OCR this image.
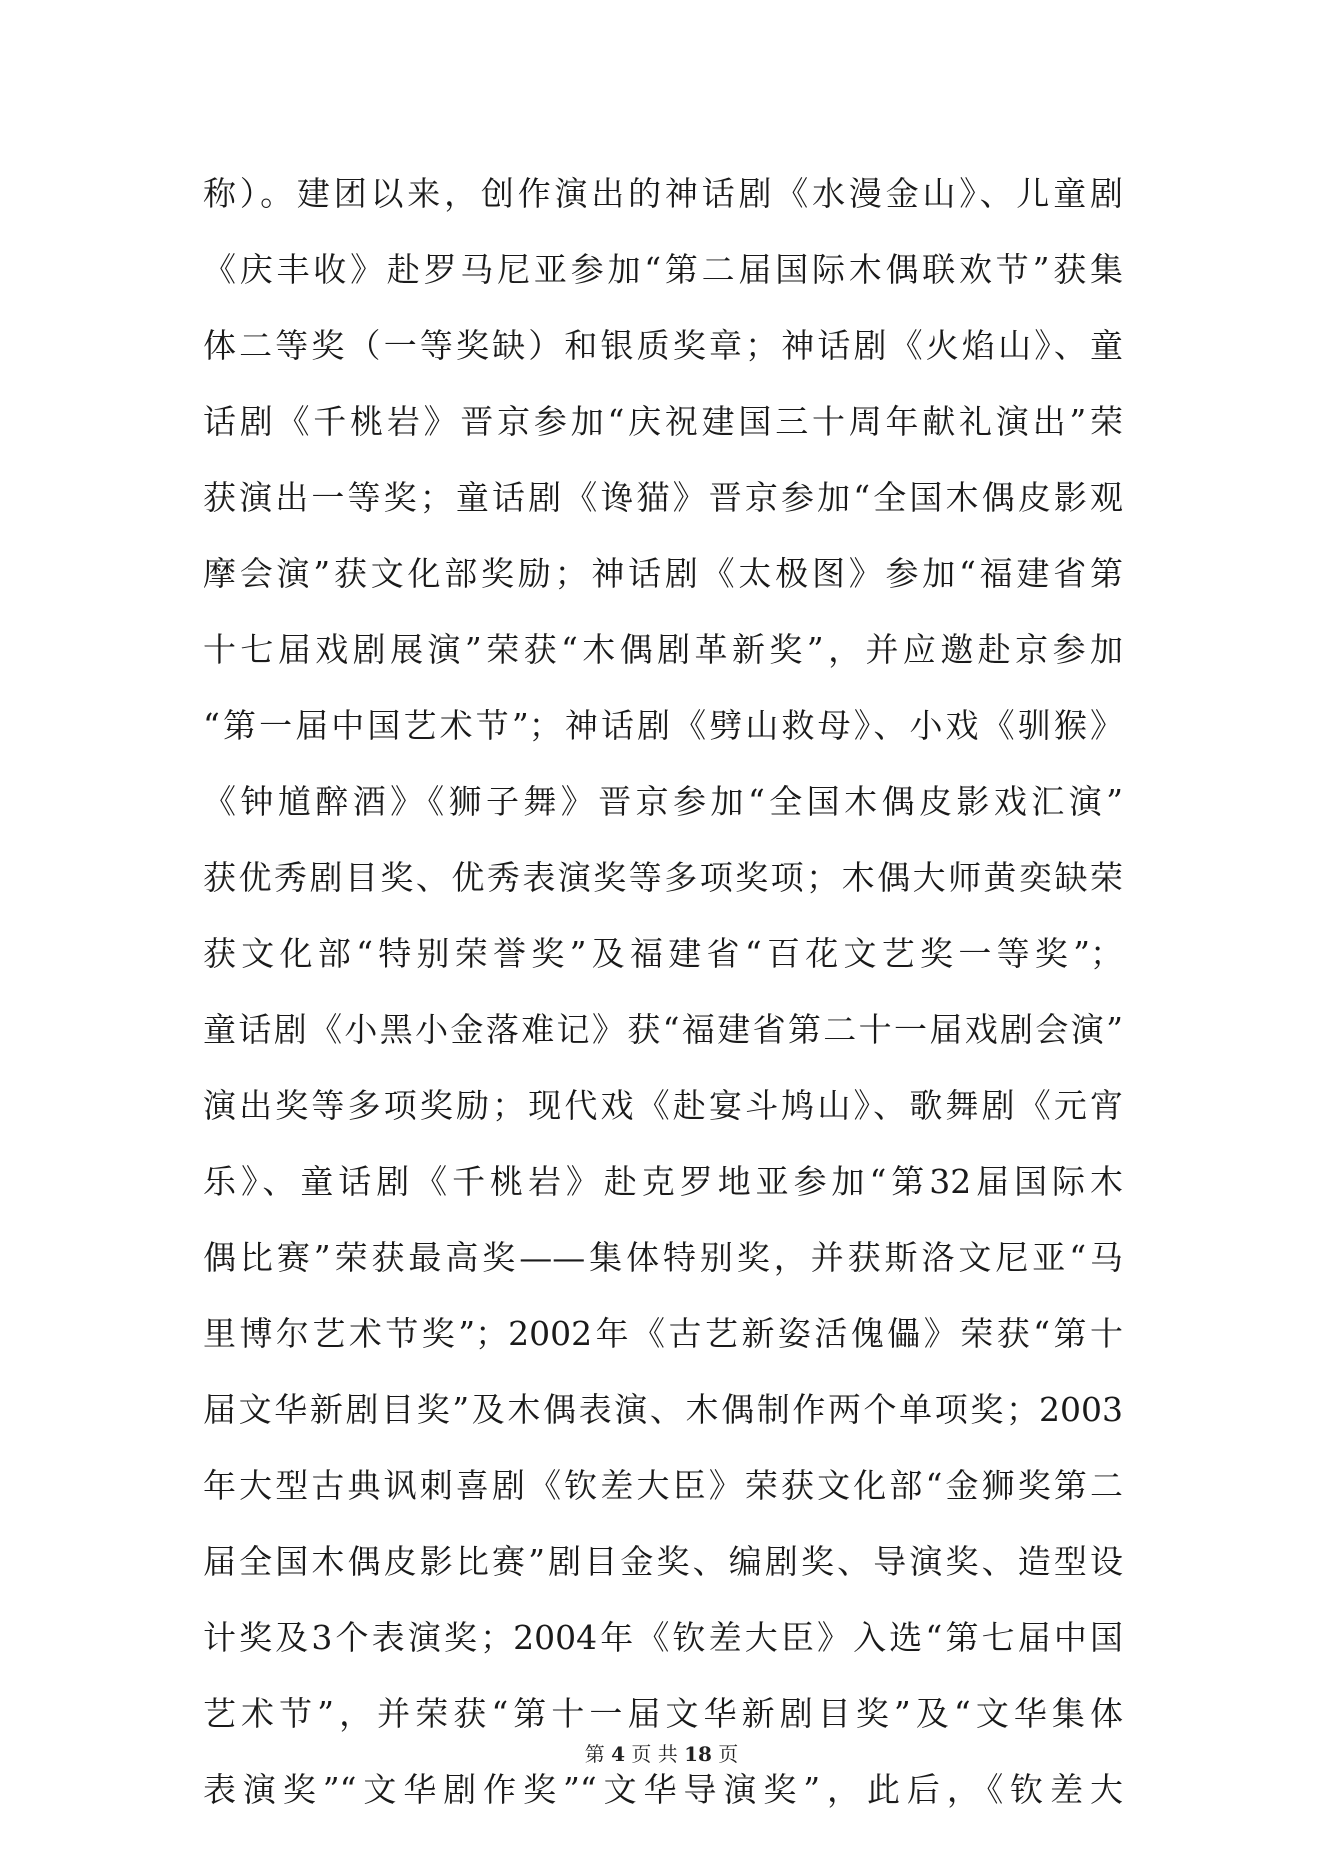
称）。建团以来，创作演出的神话剧《水漫金山》、儿童剧
《庆丰收》赴罗马尼亚参加“第二届国际木偶联欢节”获集
体二等奖（一等奖缺）和银质奖章；神话剧《火焰山》、童
话剧《千桃岩》晋京参加“庆祝建国三十周年献礼演出”荣
获演出一等奖；童话剧《谗猫》晋京参加“全国木偶皮影观
摩会演”获文化部奖励；神话剧《太极图》参加“福建省第
十七届戏剧展演”荣获“木偶剧革新奖”，并应邀赴京参加
“第一届中国艺术节”；神话剧《劈山救母》、小戏《驯猴》
《钟馗醉酒》《狮子舞》晋京参加“全国木偶皮影戏汇演”
获优秀剧目奖、优秀表演奖等多项奖项；木偶大师黄奕缺荣
获文化部“特别荣誉奖”及福建省“百花文艺奖一等奖”；
童话剧《小黑小金落难记》获“福建省第二十一届戏剧会演”
演出奖等多项奖励；现代戏《赴宴斗鸠山》、歌舞剧《元宵
乐》、童话剧《千桃岩》赴克罗地亚参加“第32届国际木
偶比赛”荣获最高奖——集体特别奖，并获斯洛文尼亚“马
里博尔艺术节奖”；2002年《古艺新姿活傀儡》荣获“第十
届文华新剧目奖”及木偶表演、木偶制作两个单项奖；2003
年大型古典讽刺喜剧《钦差大臣》荣获文化部“金狮奖第二
届全国木偶皮影比赛”剧目金奖、编剧奖、导演奖、造型设
计奖及3个表演奖；2004年《钦差大臣》入选“第七届中国
艺术节”，并荣获“第十一届文华新剧目奖”及“文华集体
表演奖”“文华剧作奖”“文华导演奖”，此后，《钦差大
第 4 页 共 18 页
